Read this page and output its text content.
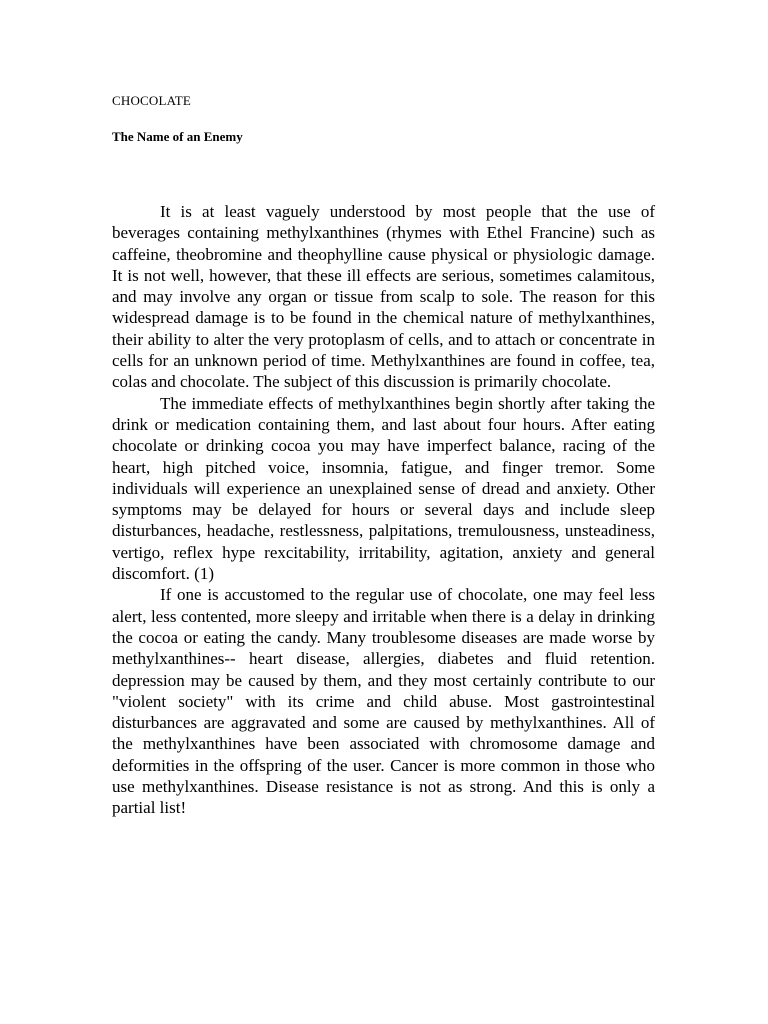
CHOCOLATE
The Name of an Enemy

It is at least vaguely understood by most people that the use of beverages containing methylxanthines (rhymes with Ethel Francine) such as caffeine, theobromine and theophylline cause physical or physiologic damage. It is not well, however, that these ill effects are serious, sometimes calamitous, and may involve any organ or tissue from scalp to sole. The reason for this widespread damage is to be found in the chemical nature of methylxanthines, their ability to alter the very protoplasm of cells, and to attach or concentrate in cells for an unknown period of time. Methylxanthines are found in coffee, tea, colas and chocolate. The subject of this discussion is primarily chocolate.

The immediate effects of methylxanthines begin shortly after taking the drink or medication containing them, and last about four hours. After eating chocolate or drinking cocoa you may have imperfect balance, racing of the heart, high pitched voice, insomnia, fatigue, and finger tremor. Some individuals will experience an unexplained sense of dread and anxiety. Other symptoms may be delayed for hours or several days and include sleep disturbances, headache, restlessness, palpitations, tremulousness, unsteadiness, vertigo, reflex hype rexcitability, irritability, agitation, anxiety and general discomfort. (1)

If one is accustomed to the regular use of chocolate, one may feel less alert, less contented, more sleepy and irritable when there is a delay in drinking the cocoa or eating the candy. Many troublesome diseases are made worse by methylxanthines-- heart disease, allergies, diabetes and fluid retention. depression may be caused by them, and they most certainly contribute to our "violent society" with its crime and child abuse. Most gastrointestinal disturbances are aggravated and some are caused by methylxanthines. All of the methylxanthines have been associated with chromosome damage and deformities in the offspring of the user. Cancer is more common in those who use methylxanthines. Disease resistance is not as strong. And this is only a partial list!
